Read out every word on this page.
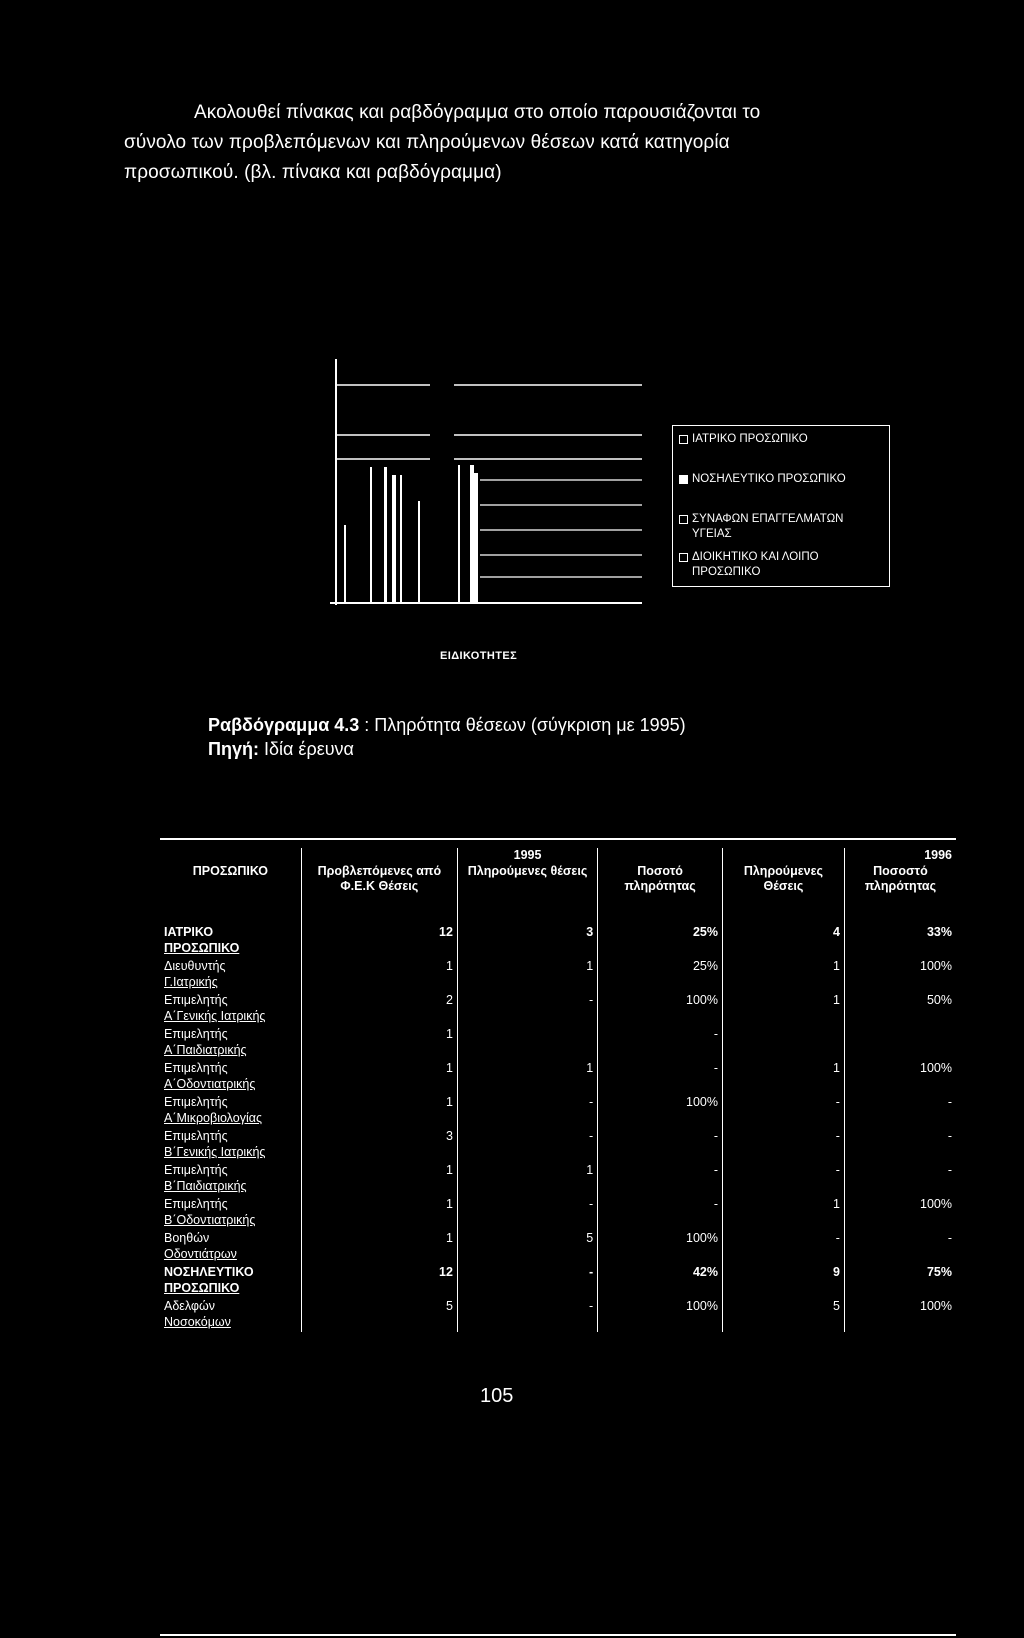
Ακολουθεί πίνακας και ραβδόγραμμα στο οποίο παρουσιάζονται το

σύνολο των προβλεπόμενων και πληρούμενων θέσεων κατά κατηγορία

προσωπικού. (βλ. πίνακα και ραβδόγραμμα)

ΙΑΤΡΙΚΟ ΠΡΟΣΩΠΙΚΟ
ΝΟΣΗΛΕΥΤΙΚΟ ΠΡΟΣΩΠΙΚΟ
ΣΥΝΑΦΩΝ ΕΠΑΓΓΕΛΜΑΤΩΝ ΥΓΕΙΑΣ
ΔΙΟΙΚΗΤΙΚΟ ΚΑΙ ΛΟΙΠΟ ΠΡΟΣΩΠΙΚΟ
ΕΙΔΙΚΟΤΗΤΕΣ
Ραβδόγραμμα 4.3 : Πληρότητα θέσεων (σύγκριση με 1995)
Πηγή: Ιδία έρευνα
		1995			1996
ΠΡΟΣΩΠΙΚΟ	Προβλεπόμενες από Φ.Ε.Κ Θέσεις	Πληρούμενες θέσεις	Ποσοτό πληρότητας	Πληρούμενες Θέσεις	Ποσοστό πληρότητας

ΙΑΤΡΙΚΟ
ΠΡΟΣΩΠΙΚΟ	12	3	25%	4	33%

Διευθυντής
Γ.Ιατρικής	1	1	25%	1	100%

Επιμελητής
Α΄Γενικής Ιατρικής	2	-	100%	1	50%

Επιμελητής
Α΄Παιδιατρικής	1		-		

Επιμελητής
Α΄Οδοντιατρικής	1	1	-	1	100%

Επιμελητής
Α΄Μικροβιολογίας	1	-	100%	-	-

Επιμελητής
Β΄Γενικής Ιατρικής	3	-	-	-	-

Επιμελητής
Β΄Παιδιατρικής	1	1	-	-	-

Επιμελητής
Β΄Οδοντιατρικής	1	-	-	1	100%

Βοηθών
Οδοντιάτρων	1	5	100%	-	-

ΝΟΣΗΛΕΥΤΙΚΟ
ΠΡΟΣΩΠΙΚΟ	12	-	42%	9	75%

Αδελφών
Νοσοκόμων	5	-	100%	5	100%
105
